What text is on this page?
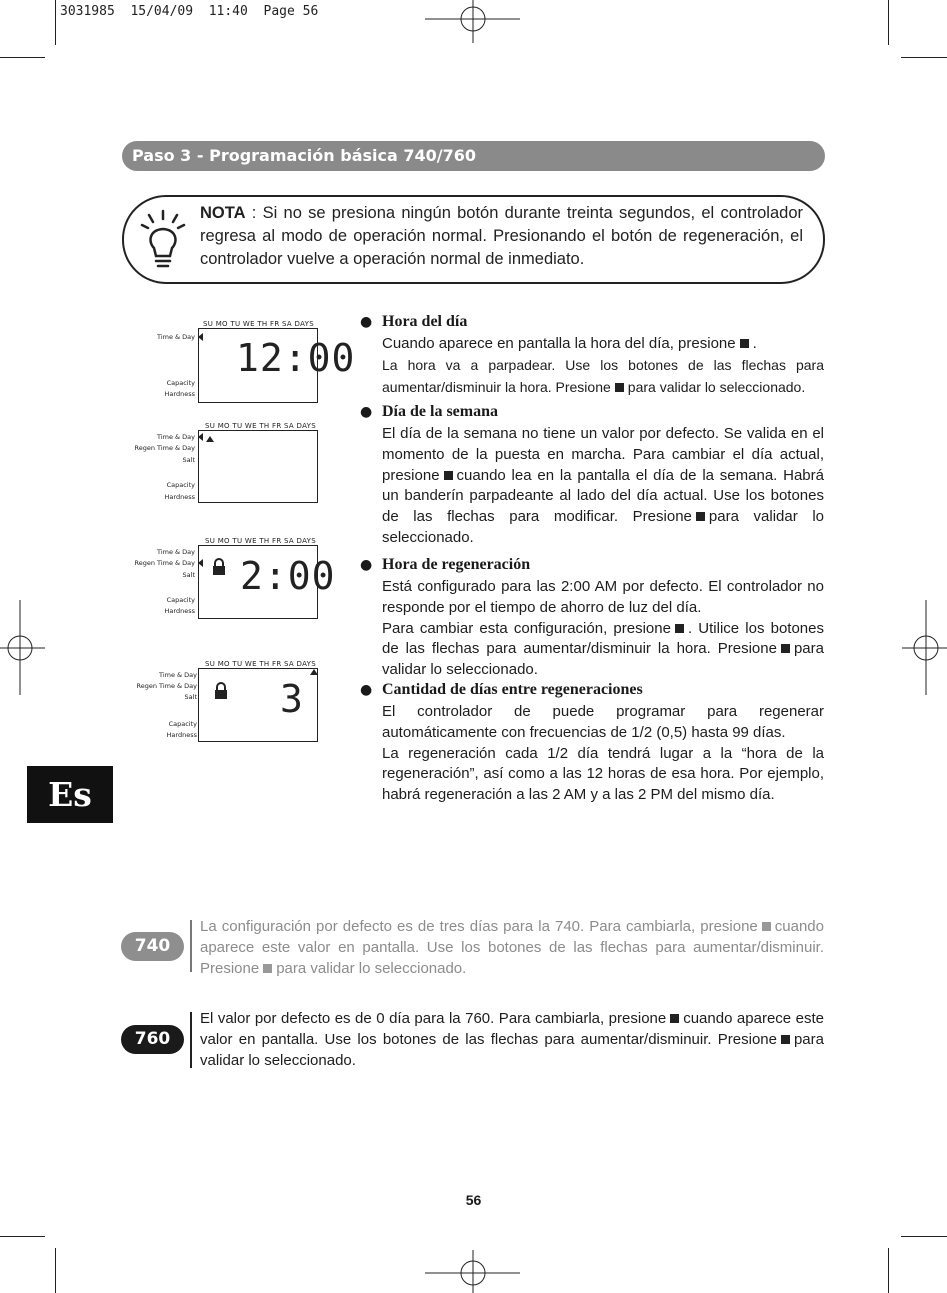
3031985  15/04/09  11:40  Page 56
Paso 3 - Programación básica 740/760
NOTA : Si no se presiona ningún botón durante treinta segundos, el controlador regresa al modo de operación normal. Presionando el botón de regeneración, el controlador vuelve a operación normal de inmediato.
SU MO TU WE TH FR SA DAYS
Time & Day
Capacity
Hardness
12:00
SU MO TU WE TH FR SA DAYS
Time & Day
Regen Time & Day
Salt
Capacity
Hardness
SU MO TU WE TH FR SA DAYS
Time & Day
Regen Time & Day
Salt
Capacity
Hardness
2:00
SU MO TU WE TH FR SA DAYS
Time & Day
Regen Time & Day
Salt
Capacity
Hardness
3
● Hora del día
Cuando aparece en pantalla la hora del día, presione .
La hora va a parpadear. Use los botones de las flechas para aumentar/disminuir la hora. Presione para validar lo seleccionado.
● Día de la semana
El día de la semana no tiene un valor por defecto. Se valida en el momento de la puesta en marcha. Para cambiar el día actual, presione cuando lea en la pantalla el día de la semana. Habrá un banderín parpadeante al lado del día actual. Use los botones de las flechas para modificar. Presione para validar lo seleccionado.
● Hora de regeneración
Está configurado para las 2:00 AM por defecto. El controlador no responde por el tiempo de ahorro de luz del día.
Para cambiar esta configuración, presione . Utilice los botones de las flechas para aumentar/disminuir la hora. Presione para validar lo seleccionado.
● Cantidad de días entre regeneraciones
El controlador de puede programar para regenerar automáticamente con frecuencias de 1/2 (0,5) hasta 99 días.
La regeneración cada 1/2 día tendrá lugar a la “hora de la regeneración”, así como a las 12 horas de esa hora. Por ejemplo, habrá regeneración a las 2 AM y a las 2 PM del mismo día.
Es
740
La configuración por defecto es de tres días para la 740. Para cambiarla, presione cuando aparece este valor en pantalla. Use los botones de las flechas para aumentar/disminuir. Presione para validar lo seleccionado.
760
El valor por defecto es de 0 día para la 760. Para cambiarla, presione cuando aparece este valor en pantalla. Use los botones de las flechas para aumentar/disminuir. Presione para validar lo seleccionado.
56
